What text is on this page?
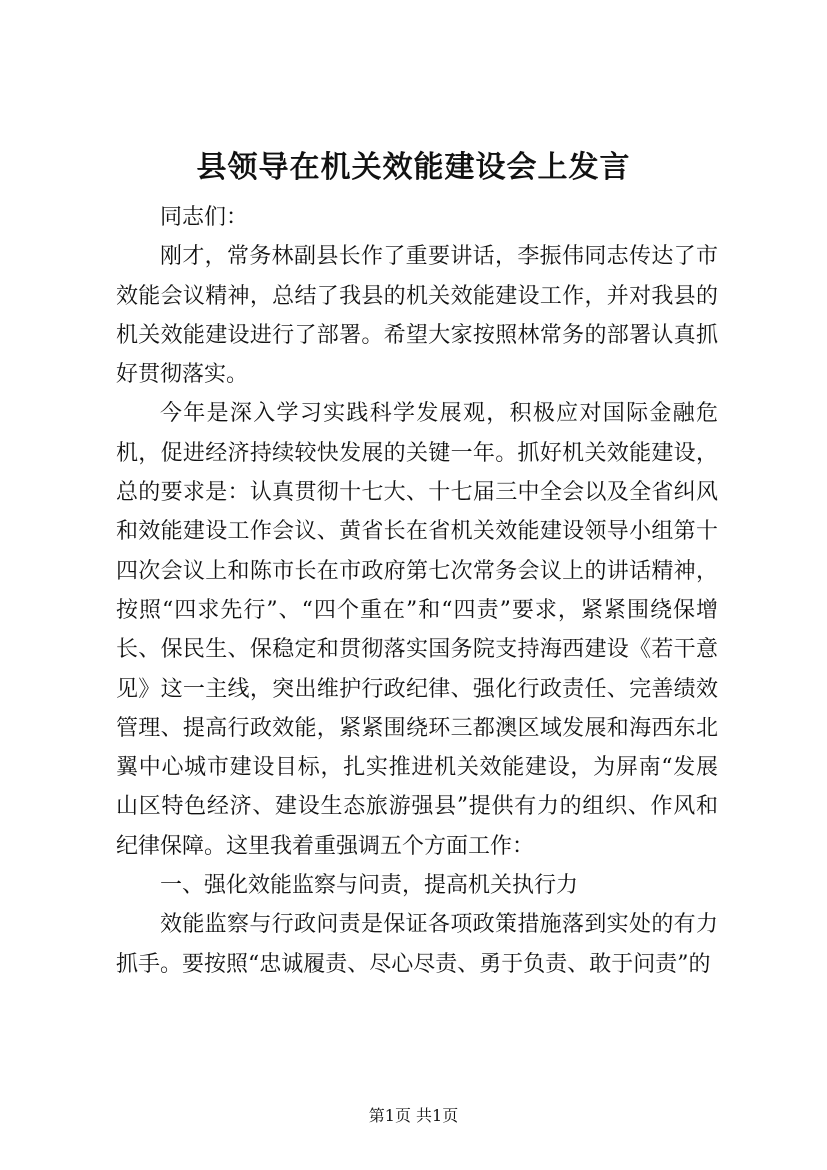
县领导在机关效能建设会上发言

同志们：

刚才，常务林副县长作了重要讲话，李振伟同志传达了市效能会议精神，总结了我县的机关效能建设工作，并对我县的机关效能建设进行了部署。希望大家按照林常务的部署认真抓好贯彻落实。

今年是深入学习实践科学发展观，积极应对国际金融危机，促进经济持续较快发展的关键一年。抓好机关效能建设，总的要求是：认真贯彻十七大、十七届三中全会以及全省纠风和效能建设工作会议、黄省长在省机关效能建设领导小组第十四次会议上和陈市长在市政府第七次常务会议上的讲话精神，按照“四求先行”、“四个重在”和“四责”要求，紧紧围绕保增长、保民生、保稳定和贯彻落实国务院支持海西建设《若干意见》这一主线，突出维护行政纪律、强化行政责任、完善绩效管理、提高行政效能，紧紧围绕环三都澳区域发展和海西东北翼中心城市建设目标，扎实推进机关效能建设，为屏南“发展山区特色经济、建设生态旅游强县”提供有力的组织、作风和纪律保障。这里我着重强调五个方面工作：

一、强化效能监察与问责，提高机关执行力

效能监察与行政问责是保证各项政策措施落到实处的有力抓手。要按照“忠诚履责、尽心尽责、勇于负责、敢于问责”的

第1页 共1页
